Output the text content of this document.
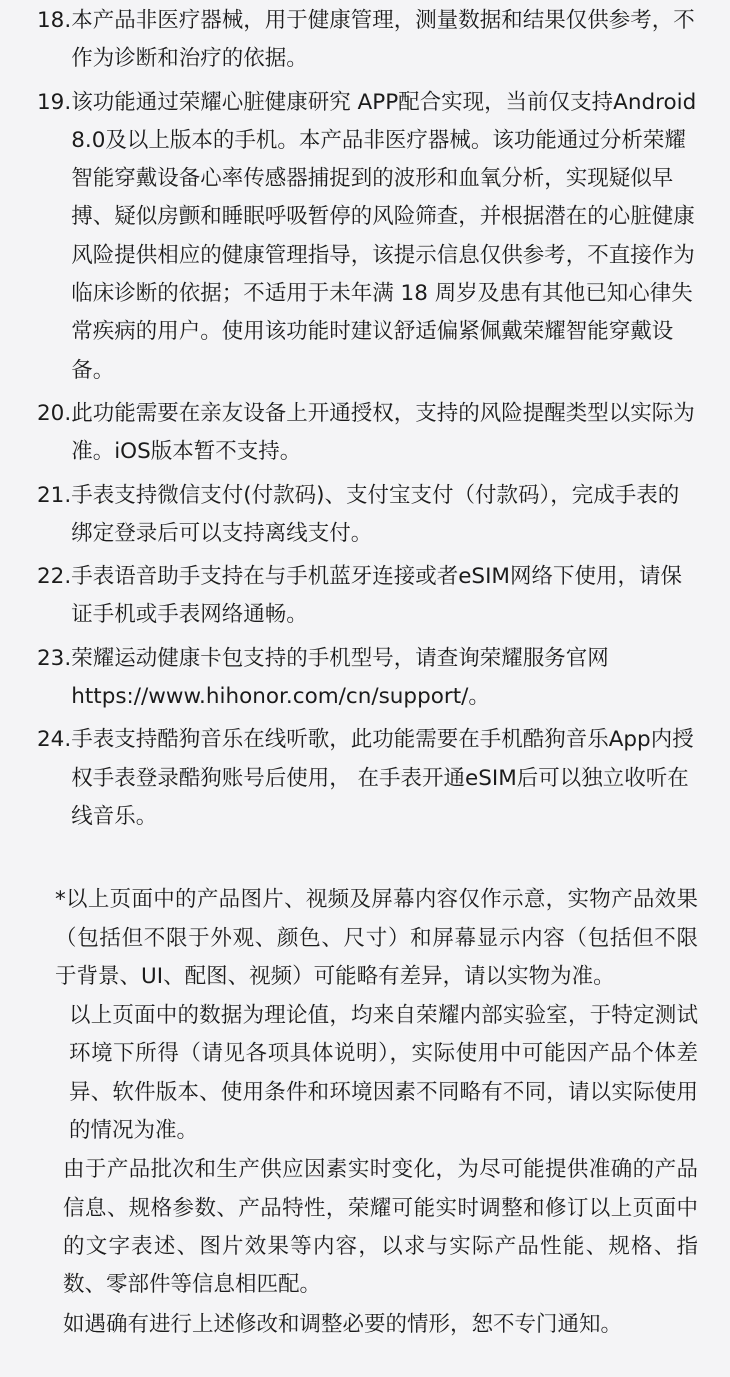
18. 本产品非医疗器械，用于健康管理，测量数据和结果仅供参考，不作为诊断和治疗的依据。
19. 该功能通过荣耀心脏健康研究 APP配合实现，当前仅支持Android 8.0及以上版本的手机。本产品非医疗器械。该功能通过分析荣耀智能穿戴设备心率传感器捕捉到的波形和血氧分析，实现疑似早搏、疑似房颤和睡眠呼吸暂停的风险筛查，并根据潜在的心脏健康风险提供相应的健康管理指导，该提示信息仅供参考，不直接作为临床诊断的依据；不适用于未年满 18 周岁及患有其他已知心律失常疾病的用户。使用该功能时建议舒适偏紧佩戴荣耀智能穿戴设备。
20. 此功能需要在亲友设备上开通授权，支持的风险提醒类型以实际为准。iOS版本暂不支持。
21. 手表支持微信支付(付款码)、支付宝支付（付款码），完成手表的绑定登录后可以支持离线支付。
22. 手表语音助手支持在与手机蓝牙连接或者eSIM网络下使用，请保证手机或手表网络通畅。
23. 荣耀运动健康卡包支持的手机型号，请查询荣耀服务官网https://www.hihonor.com/cn/support/。
24. 手表支持酷狗音乐在线听歌，此功能需要在手机酷狗音乐App内授权手表登录酷狗账号后使用， 在手表开通eSIM后可以独立收听在线音乐。

*以上页面中的产品图片、视频及屏幕内容仅作示意，实物产品效果（包括但不限于外观、颜色、尺寸）和屏幕显示内容（包括但不限于背景、UI、配图、视频）可能略有差异，请以实物为准。

以上页面中的数据为理论值，均来自荣耀内部实验室，于特定测试环境下所得（请见各项具体说明），实际使用中可能因产品个体差异、软件版本、使用条件和环境因素不同略有不同，请以实际使用的情况为准。

由于产品批次和生产供应因素实时变化，为尽可能提供准确的产品信息、规格参数、产品特性，荣耀可能实时调整和修订以上页面中的文字表述、图片效果等内容，以求与实际产品性能、规格、指数、零部件等信息相匹配。

如遇确有进行上述修改和调整必要的情形，恕不专门通知。
